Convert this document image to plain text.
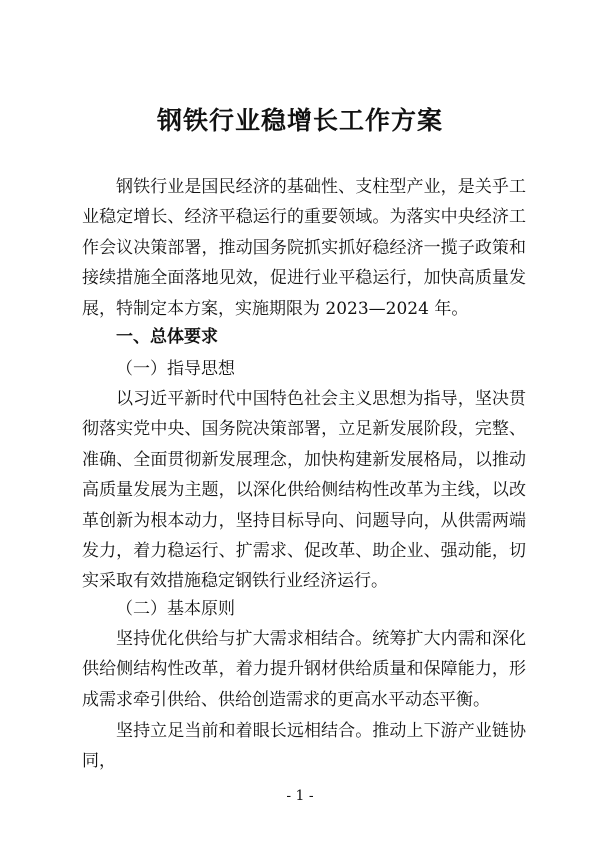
钢铁行业稳增长工作方案

钢铁行业是国民经济的基础性、支柱型产业，是关乎工业稳定增长、经济平稳运行的重要领域。为落实中央经济工作会议决策部署，推动国务院抓实抓好稳经济一揽子政策和接续措施全面落地见效，促进行业平稳运行，加快高质量发展，特制定本方案，实施期限为 2023—2024 年。

一、总体要求
（一）指导思想

以习近平新时代中国特色社会主义思想为指导，坚决贯彻落实党中央、国务院决策部署，立足新发展阶段，完整、准确、全面贯彻新发展理念，加快构建新发展格局，以推动高质量发展为主题，以深化供给侧结构性改革为主线，以改革创新为根本动力，坚持目标导向、问题导向，从供需两端发力，着力稳运行、扩需求、促改革、助企业、强动能，切实采取有效措施稳定钢铁行业经济运行。

（二）基本原则

坚持优化供给与扩大需求相结合。统筹扩大内需和深化供给侧结构性改革，着力提升钢材供给质量和保障能力，形成需求牵引供给、供给创造需求的更高水平动态平衡。

坚持立足当前和着眼长远相结合。推动上下游产业链协同，

- 1 -
